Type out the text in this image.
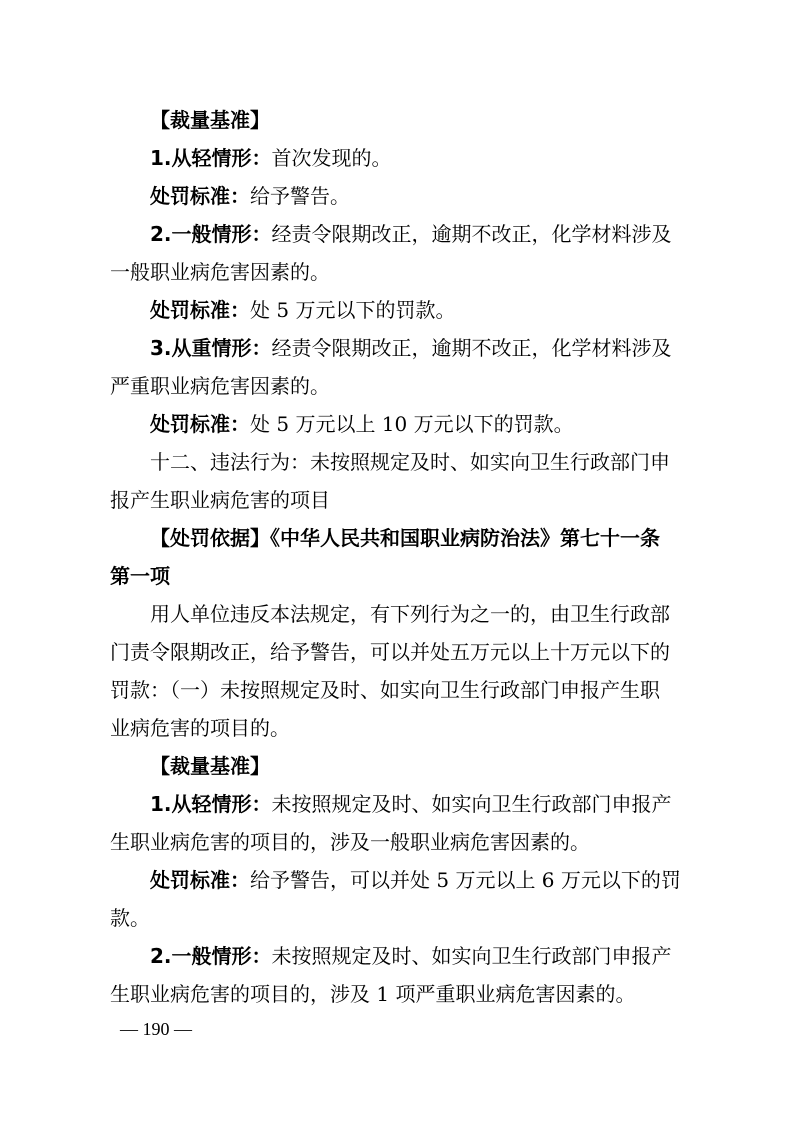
【裁量基准】
1.从轻情形：首次发现的。
处罚标准：给予警告。
2.一般情形：经责令限期改正，逾期不改正，化学材料涉及
一般职业病危害因素的。
处罚标准：处 5 万元以下的罚款。
3.从重情形：经责令限期改正，逾期不改正，化学材料涉及
严重职业病危害因素的。
处罚标准：处 5 万元以上 10 万元以下的罚款。
十二、违法行为：未按照规定及时、如实向卫生行政部门申
报产生职业病危害的项目
【处罚依据】《中华人民共和国职业病防治法》第七十一条
第一项
用人单位违反本法规定，有下列行为之一的，由卫生行政部
门责令限期改正，给予警告，可以并处五万元以上十万元以下的
罚款：（一）未按照规定及时、如实向卫生行政部门申报产生职
业病危害的项目的。
【裁量基准】
1.从轻情形：未按照规定及时、如实向卫生行政部门申报产
生职业病危害的项目的，涉及一般职业病危害因素的。
处罚标准：给予警告，可以并处 5 万元以上 6 万元以下的罚
款。
2.一般情形：未按照规定及时、如实向卫生行政部门申报产
生职业病危害的项目的，涉及 1 项严重职业病危害因素的。
— 190 —
